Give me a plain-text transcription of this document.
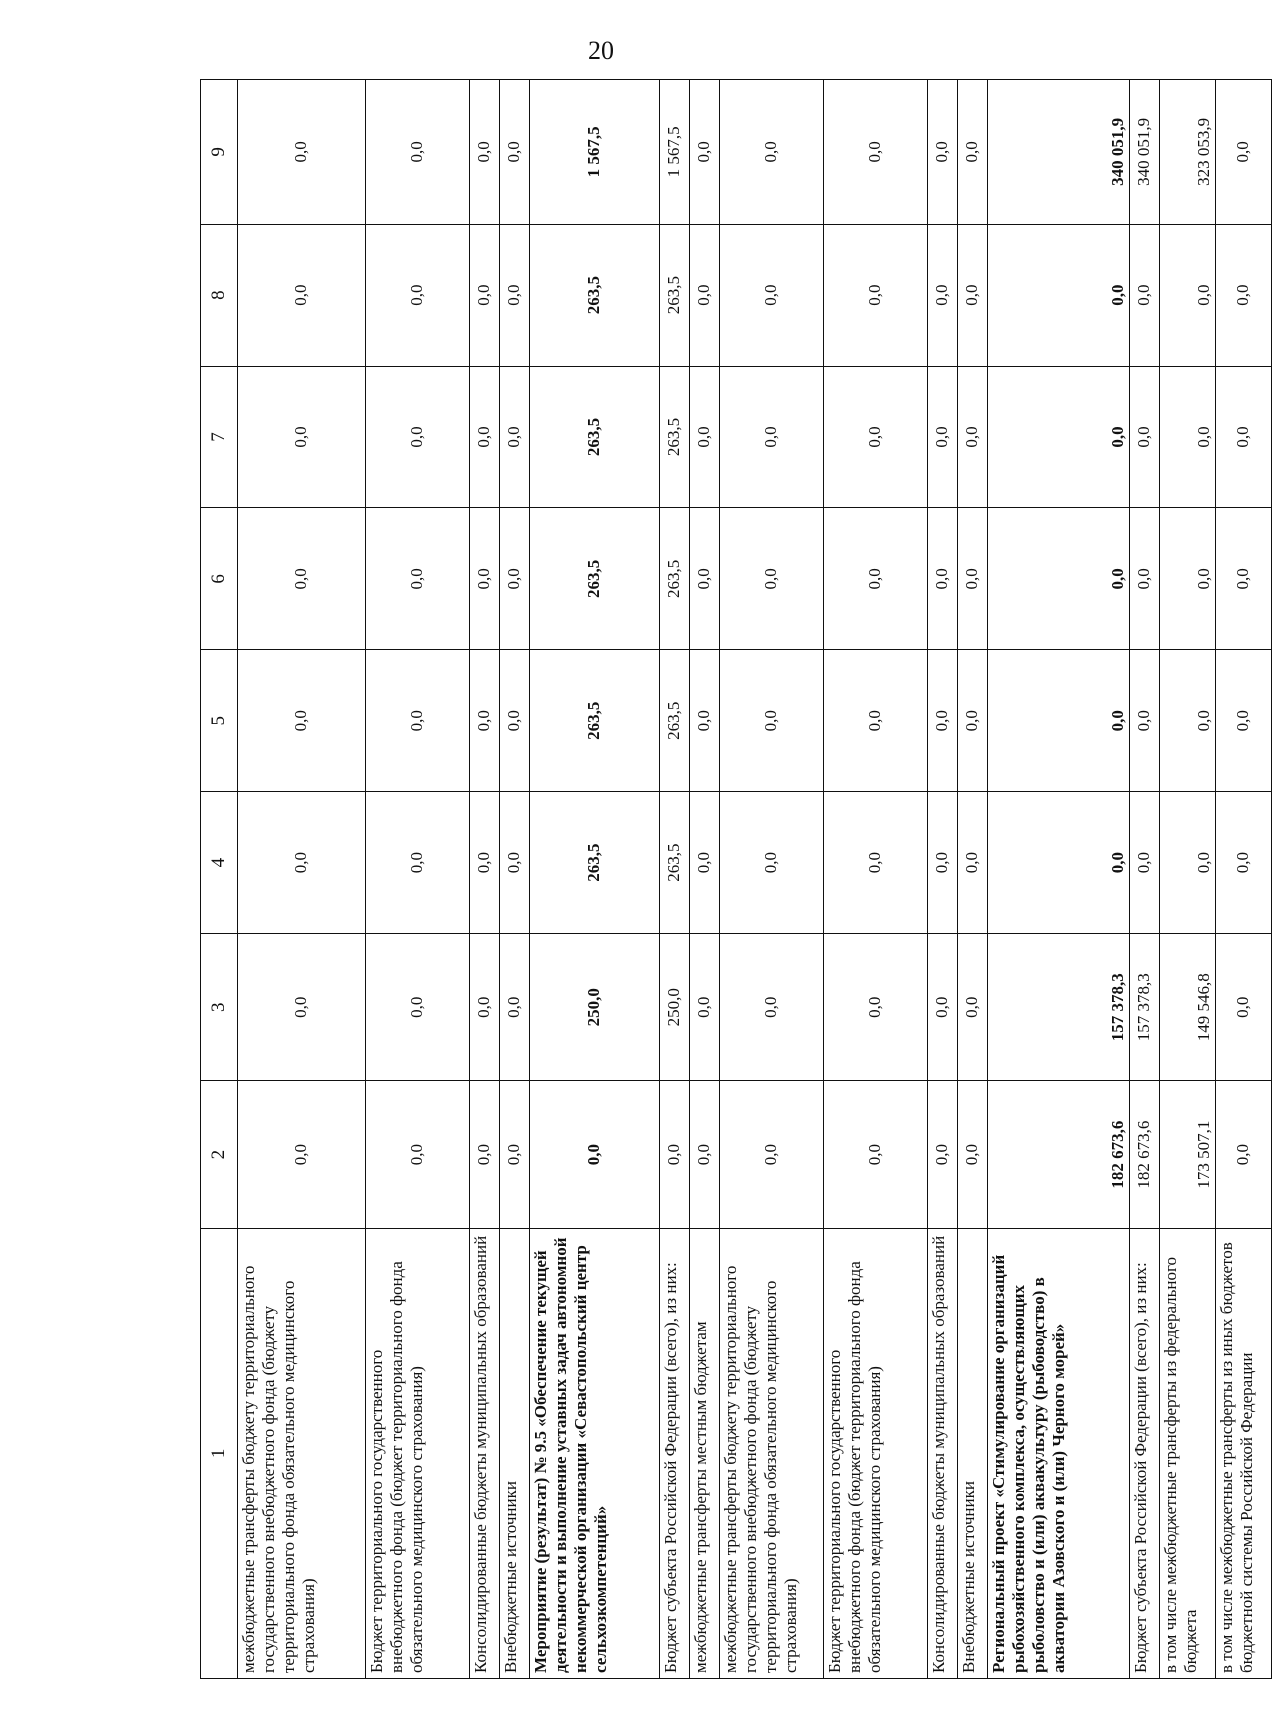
20
1	2	3	4	5	6	7	8	9
межбюджетные трансферты бюджету территориального государственного внебюджетного фонда (бюджету территориального фонда обязательного медицинского страхования)	0,0	0,0	0,0	0,0	0,0	0,0	0,0	0,0
Бюджет территориального государственного внебюджетного фонда (бюджет территориального фонда обязательного медицинского страхования)	0,0	0,0	0,0	0,0	0,0	0,0	0,0	0,0
Консолидированные бюджеты муниципальных образований	0,0	0,0	0,0	0,0	0,0	0,0	0,0	0,0
Внебюджетные источники	0,0	0,0	0,0	0,0	0,0	0,0	0,0	0,0
Мероприятие (результат) № 9.5 «Обеспечение текущей деятельности и выполнение уставных задач автономной некоммерческой организации «Севастопольский центр сельхозкомпетенций»	0,0	250,0	263,5	263,5	263,5	263,5	263,5	1 567,5
Бюджет субъекта Российской Федерации (всего), из них:	0,0	250,0	263,5	263,5	263,5	263,5	263,5	1 567,5
межбюджетные трансферты местным бюджетам	0,0	0,0	0,0	0,0	0,0	0,0	0,0	0,0
межбюджетные трансферты бюджету территориального государственного внебюджетного фонда (бюджету территориального фонда обязательного медицинского страхования)	0,0	0,0	0,0	0,0	0,0	0,0	0,0	0,0
Бюджет территориального государственного внебюджетного фонда (бюджет территориального фонда обязательного медицинского страхования)	0,0	0,0	0,0	0,0	0,0	0,0	0,0	0,0
Консолидированные бюджеты муниципальных образований	0,0	0,0	0,0	0,0	0,0	0,0	0,0	0,0
Внебюджетные источники	0,0	0,0	0,0	0,0	0,0	0,0	0,0	0,0
Региональный проект «Стимулирование организаций рыбохозяйственного комплекса, осуществляющих рыболовство и (или) аквакультуру (рыбоводство) в акватории Азовского и (или) Черного морей»	182 673,6	157 378,3	0,0	0,0	0,0	0,0	0,0	340 051,9
Бюджет субъекта Российской Федерации (всего), из них:	182 673,6	157 378,3	0,0	0,0	0,0	0,0	0,0	340 051,9
в том числе межбюджетные трансферты из федерального бюджета	173 507,1	149 546,8	0,0	0,0	0,0	0,0	0,0	323 053,9
в том числе межбюджетные трансферты из иных бюджетов бюджетной системы Российской Федерации	0,0	0,0	0,0	0,0	0,0	0,0	0,0	0,0
